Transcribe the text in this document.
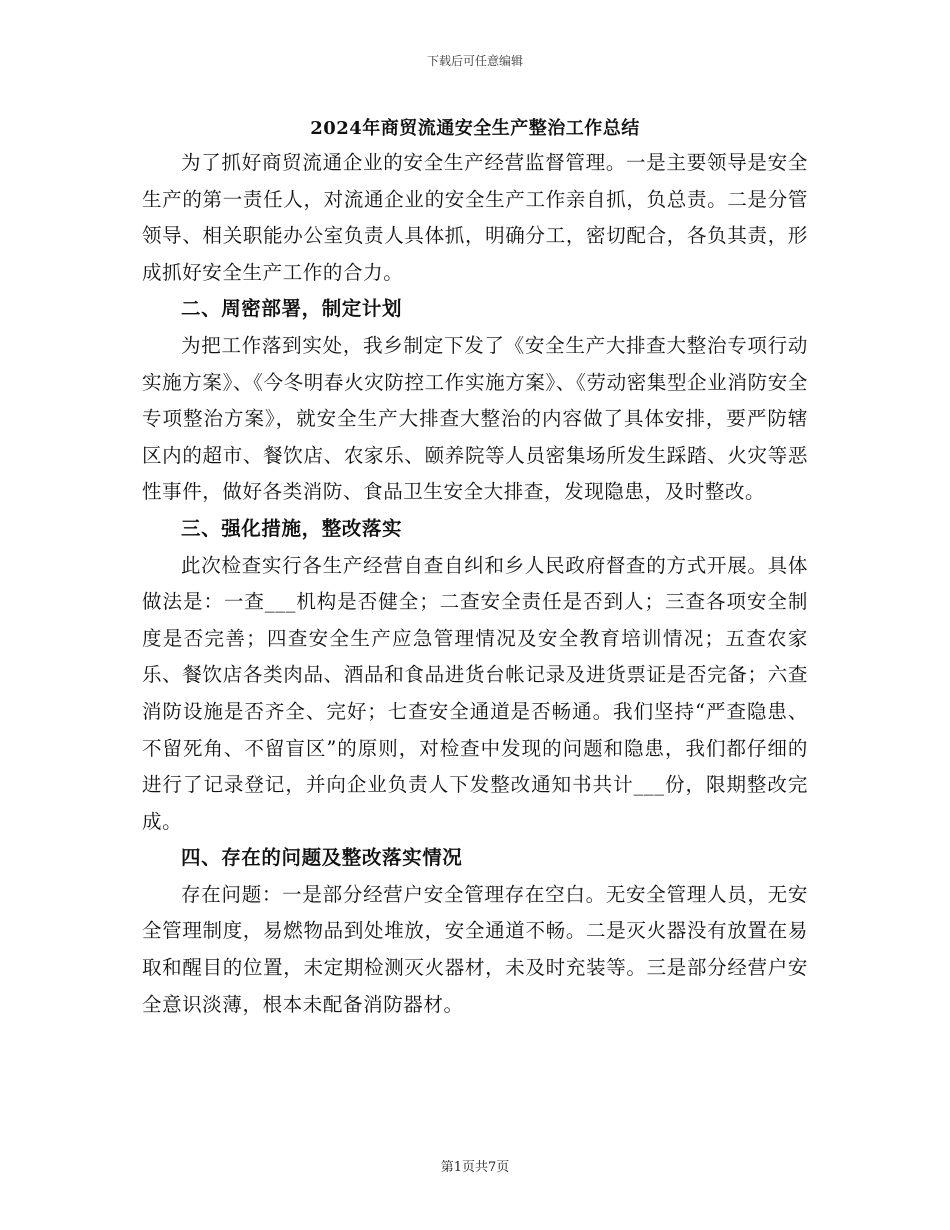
下载后可任意编辑
2024年商贸流通安全生产整治工作总结

为了抓好商贸流通企业的安全生产经营监督管理。一是主要领导是安全生产的第一责任人，对流通企业的安全生产工作亲自抓，负总责。二是分管领导、相关职能办公室负责人具体抓，明确分工，密切配合，各负其责，形成抓好安全生产工作的合力。

二、周密部署，制定计划

为把工作落到实处，我乡制定下发了《安全生产大排查大整治专项行动实施方案》、《今冬明春火灾防控工作实施方案》、《劳动密集型企业消防安全专项整治方案》，就安全生产大排查大整治的内容做了具体安排，要严防辖区内的超市、餐饮店、农家乐、颐养院等人员密集场所发生踩踏、火灾等恶性事件，做好各类消防、食品卫生安全大排查，发现隐患，及时整改。

三、强化措施，整改落实

此次检查实行各生产经营自查自纠和乡人民政府督查的方式开展。具体做法是：一查___机构是否健全；二查安全责任是否到人；三查各项安全制度是否完善；四查安全生产应急管理情况及安全教育培训情况；五查农家乐、餐饮店各类肉品、酒品和食品进货台帐记录及进货票证是否完备；六查消防设施是否齐全、完好；七查安全通道是否畅通。我们坚持“严查隐患、不留死角、不留盲区”的原则，对检查中发现的问题和隐患，我们都仔细的进行了记录登记，并向企业负责人下发整改通知书共计___份，限期整改完成。

四、存在的问题及整改落实情况

存在问题：一是部分经营户安全管理存在空白。无安全管理人员，无安全管理制度，易燃物品到处堆放，安全通道不畅。二是灭火器没有放置在易取和醒目的位置，未定期检测灭火器材，未及时充装等。三是部分经营户安全意识淡薄，根本未配备消防器材。

第1页共7页
